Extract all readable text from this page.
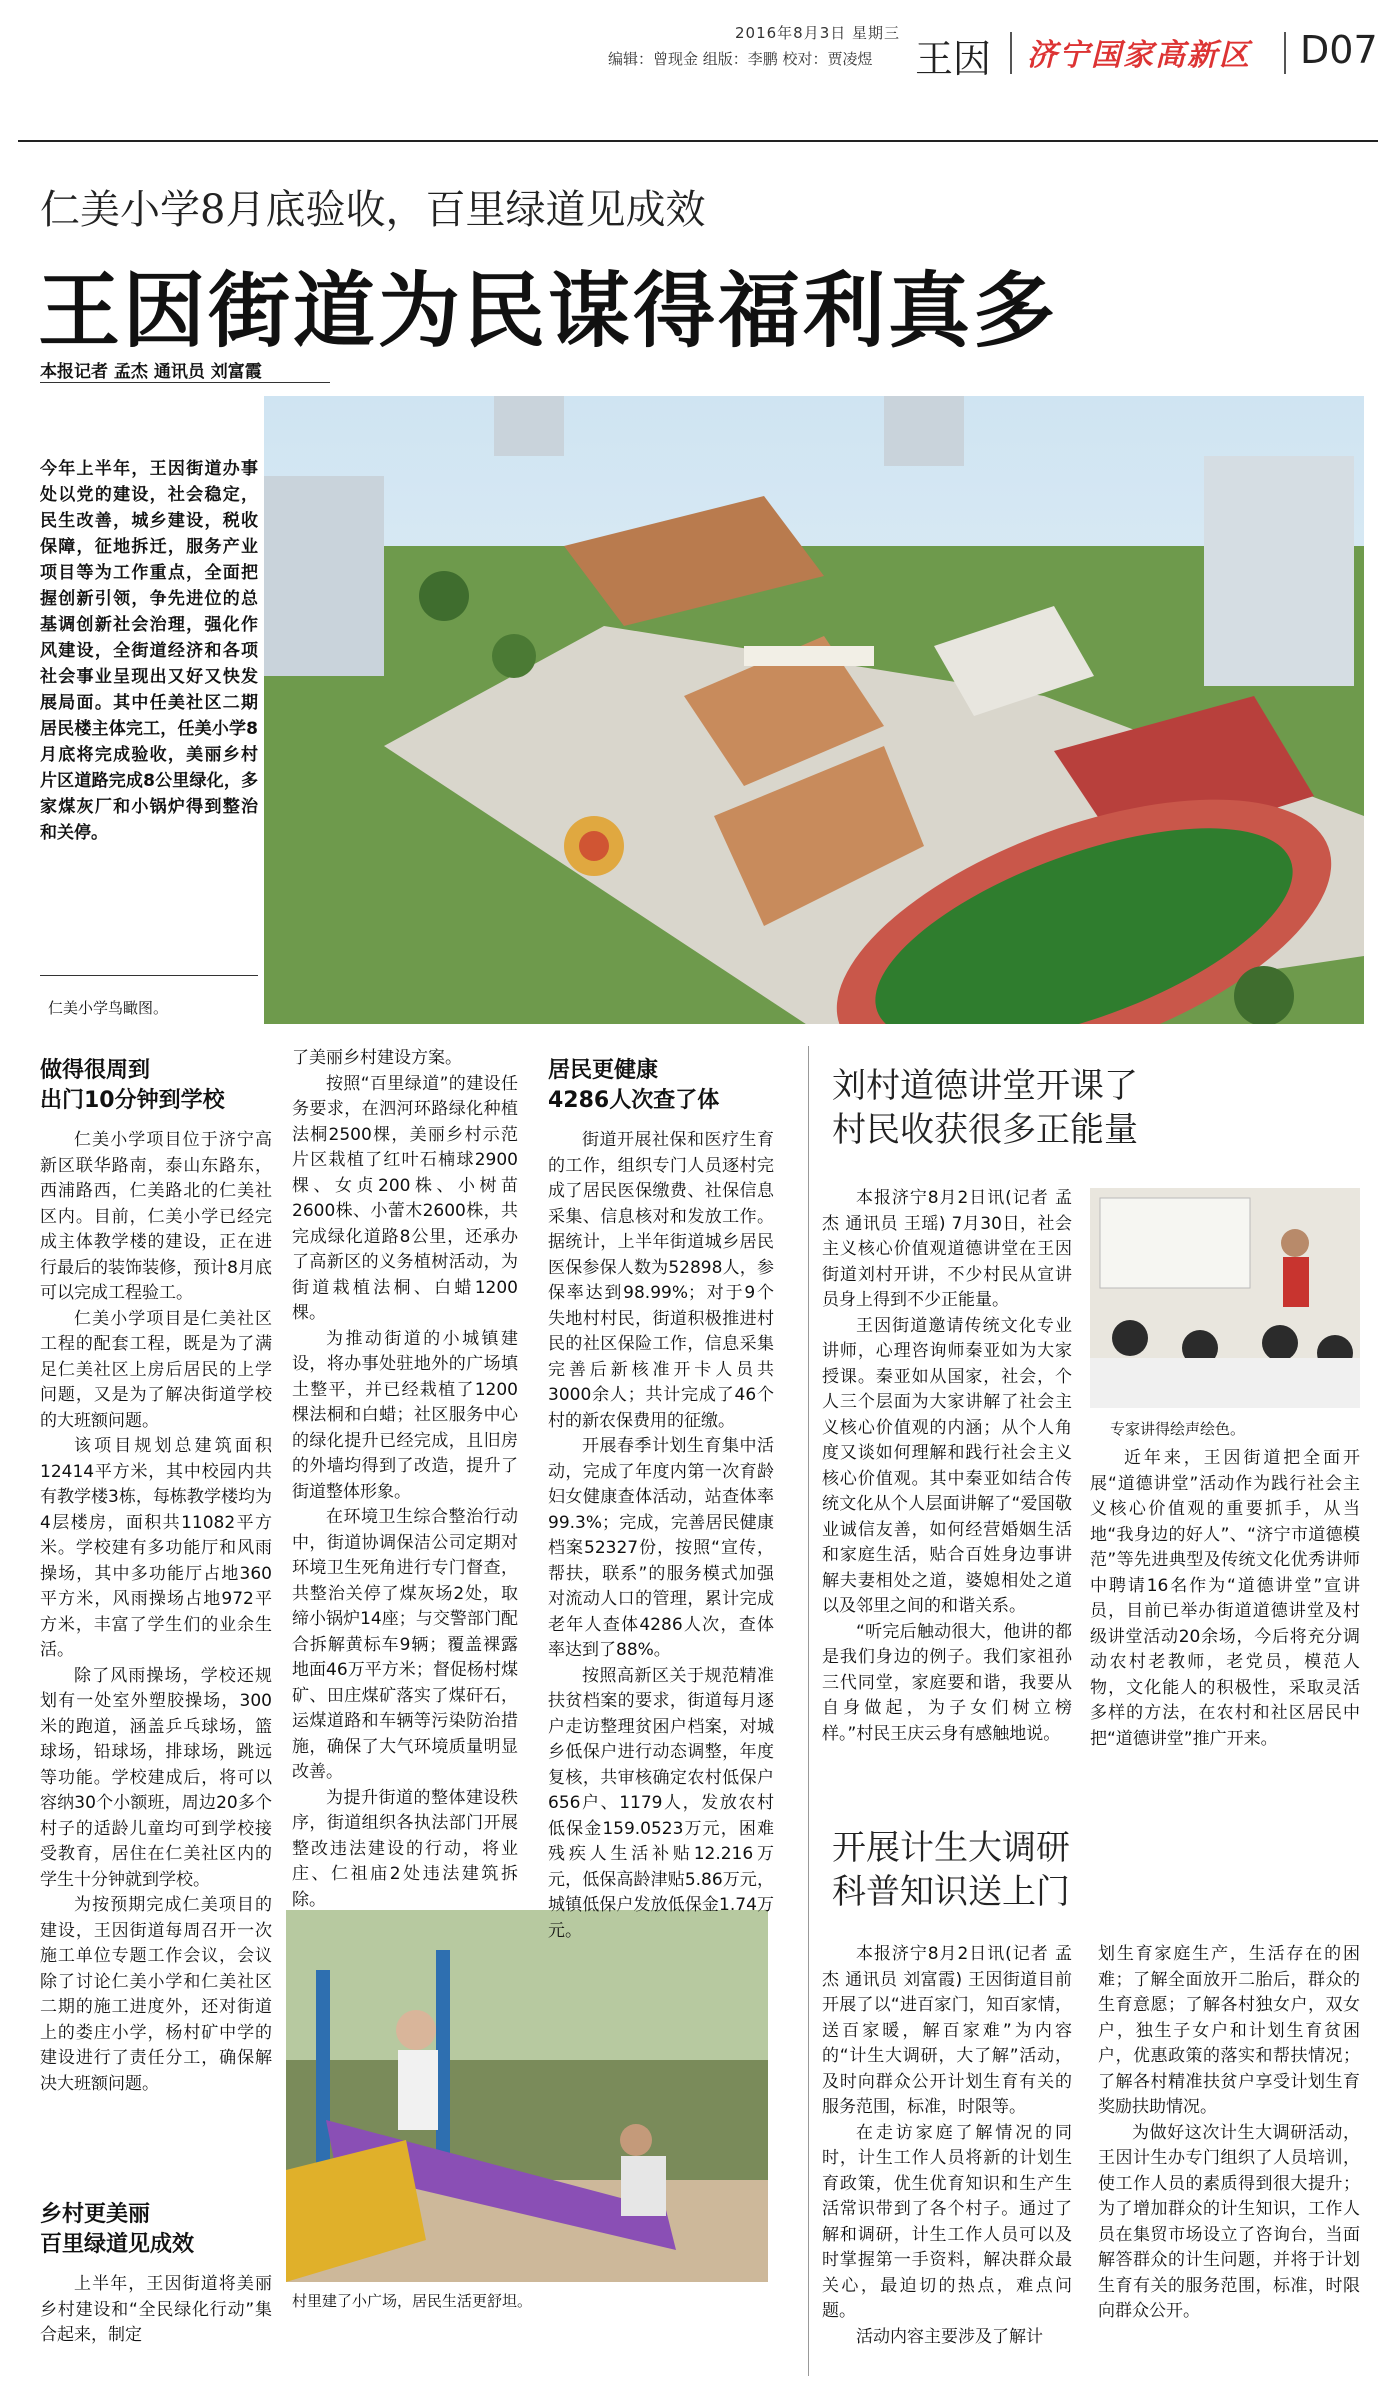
2016年8月3日 星期三
编辑：曾现金 组版：李鹏 校对：贾凌煜 王因 济宁国家高新区 D07
仁美小学8月底验收，百里绿道见成效
王因街道为民谋得福利真多
本报记者 孟杰 通讯员 刘富霞
今年上半年，王因街道办事处以党的建设，社会稳定，民生改善，城乡建设，税收保障，征地拆迁，服务产业项目等为工作重点，全面把握创新引领，争先进位的总基调创新社会治理，强化作风建设，全街道经济和各项社会事业呈现出又好又快发展局面。其中任美社区二期居民楼主体完工，任美小学8月底将完成验收，美丽乡村片区道路完成8公里绿化，多家煤灰厂和小锅炉得到整治和关停。
仁美小学鸟瞰图。
做得很周到
出门10分钟到学校

仁美小学项目位于济宁高新区联华路南，泰山东路东，西浦路西，仁美路北的仁美社区内。目前，仁美小学已经完成主体教学楼的建设，正在进行最后的装饰装修，预计8月底可以完成工程验工。

仁美小学项目是仁美社区工程的配套工程，既是为了满足仁美社区上房后居民的上学问题，又是为了解决街道学校的大班额问题。

该项目规划总建筑面积12414平方米，其中校园内共有教学楼3栋，每栋教学楼均为4层楼房，面积共11082平方米。学校建有多功能厅和风雨操场，其中多功能厅占地360平方米，风雨操场占地972平方米，丰富了学生们的业余生活。

除了风雨操场，学校还规划有一处室外塑胶操场，300米的跑道，涵盖乒乓球场，篮球场，铅球场，排球场，跳远等功能。学校建成后，将可以容纳30个小额班，周边20多个村子的适龄儿童均可到学校接受教育，居住在仁美社区内的学生十分钟就到学校。

为按预期完成仁美项目的建设，王因街道每周召开一次施工单位专题工作会议，会议除了讨论仁美小学和仁美社区二期的施工进度外，还对街道上的娄庄小学，杨村矿中学的建设进行了责任分工，确保解决大班额问题。

乡村更美丽
百里绿道见成效

上半年，王因街道将美丽乡村建设和“全民绿化行动”集合起来，制定

了美丽乡村建设方案。

按照“百里绿道”的建设任务要求，在泗河环路绿化种植法桐2500棵，美丽乡村示范片区栽植了红叶石楠球2900棵、女贞200株、小树苗2600株、小蕾木2600株，共完成绿化道路8公里，还承办了高新区的义务植树活动，为街道栽植法桐、白蜡1200棵。

为推动街道的小城镇建设，将办事处驻地外的广场填土整平，并已经栽植了1200棵法桐和白蜡；社区服务中心的绿化提升已经完成，且旧房的外墙均得到了改造，提升了街道整体形象。

在环境卫生综合整治行动中，街道协调保洁公司定期对环境卫生死角进行专门督查，共整治关停了煤灰场2处，取缔小锅炉14座；与交警部门配合拆解黄标车9辆；覆盖裸露地面46万平方米；督促杨村煤矿、田庄煤矿落实了煤矸石，运煤道路和车辆等污染防治措施，确保了大气环境质量明显改善。

为提升街道的整体建设秩序，街道组织各执法部门开展整改违法建设的行动，将业庄、仁祖庙2处违法建筑拆除。

村里建了小广场，居民生活更舒坦。
居民更健康
4286人次查了体

街道开展社保和医疗生育的工作，组织专门人员逐村完成了居民医保缴费、社保信息采集、信息核对和发放工作。据统计，上半年街道城乡居民医保参保人数为52898人，参保率达到98.99%；对于9个失地村村民，街道积极推进村民的社区保险工作，信息采集完善后新核准开卡人员共3000余人；共计完成了46个村的新农保费用的征缴。

开展春季计划生育集中活动，完成了年度内第一次育龄妇女健康查体活动，站查体率99.3%；完成，完善居民健康档案52327份，按照“宣传，帮扶，联系”的服务模式加强对流动人口的管理，累计完成老年人查体4286人次，查体率达到了88%。

按照高新区关于规范精准扶贫档案的要求，街道每月逐户走访整理贫困户档案，对城乡低保户进行动态调整，年度复核，共审核确定农村低保户656户、1179人，发放农村低保金159.0523万元，困难残疾人生活补贴12.216万元，低保高龄津贴5.86万元，城镇低保户发放低保金1.74万元。

刘村道德讲堂开课了
村民收获很多正能量

本报济宁8月2日讯(记者 孟杰 通讯员 王瑶) 7月30日，社会主义核心价值观道德讲堂在王因街道刘村开讲，不少村民从宣讲员身上得到不少正能量。

王因街道邀请传统文化专业讲师，心理咨询师秦亚如为大家授课。秦亚如从国家，社会，个人三个层面为大家讲解了社会主义核心价值观的内涵；从个人角度又谈如何理解和践行社会主义核心价值观。其中秦亚如结合传统文化从个人层面讲解了“爱国敬业诚信友善，如何经营婚姻生活和家庭生活，贴合百姓身边事讲解夫妻相处之道，婆媳相处之道以及邻里之间的和谐关系。

“听完后触动很大，他讲的都是我们身边的例子。我们家祖孙三代同堂，家庭要和谐，我要从自身做起，为子女们树立榜样。”村民王庆云身有感触地说。

专家讲得绘声绘色。

近年来，王因街道把全面开展“道德讲堂”活动作为践行社会主义核心价值观的重要抓手，从当地“我身边的好人”、“济宁市道德模范”等先进典型及传统文化优秀讲师中聘请16名作为“道德讲堂”宣讲员，目前已举办街道道德讲堂及村级讲堂活动20余场，今后将充分调动农村老教师，老党员，模范人物，文化能人的积极性，采取灵活多样的方法，在农村和社区居民中把“道德讲堂”推广开来。

开展计生大调研
科普知识送上门

本报济宁8月2日讯(记者 孟杰 通讯员 刘富霞) 王因街道目前开展了以“进百家门，知百家情，送百家暖，解百家难”为内容的“计生大调研，大了解”活动，及时向群众公开计划生育有关的服务范围，标准，时限等。

在走访家庭了解情况的同时，计生工作人员将新的计划生育政策，优生优育知识和生产生活常识带到了各个村子。通过了解和调研，计生工作人员可以及时掌握第一手资料，解决群众最关心，最迫切的热点，难点问题。

活动内容主要涉及了解计

划生育家庭生产，生活存在的困难；了解全面放开二胎后，群众的生育意愿；了解各村独女户，双女户，独生子女户和计划生育贫困户，优惠政策的落实和帮扶情况；了解各村精准扶贫户享受计划生育奖励扶助情况。

为做好这次计生大调研活动，王因计生办专门组织了人员培训，使工作人员的素质得到很大提升；为了增加群众的计生知识，工作人员在集贸市场设立了咨询台，当面解答群众的计生问题，并将于计划生育有关的服务范围，标准，时限向群众公开。
